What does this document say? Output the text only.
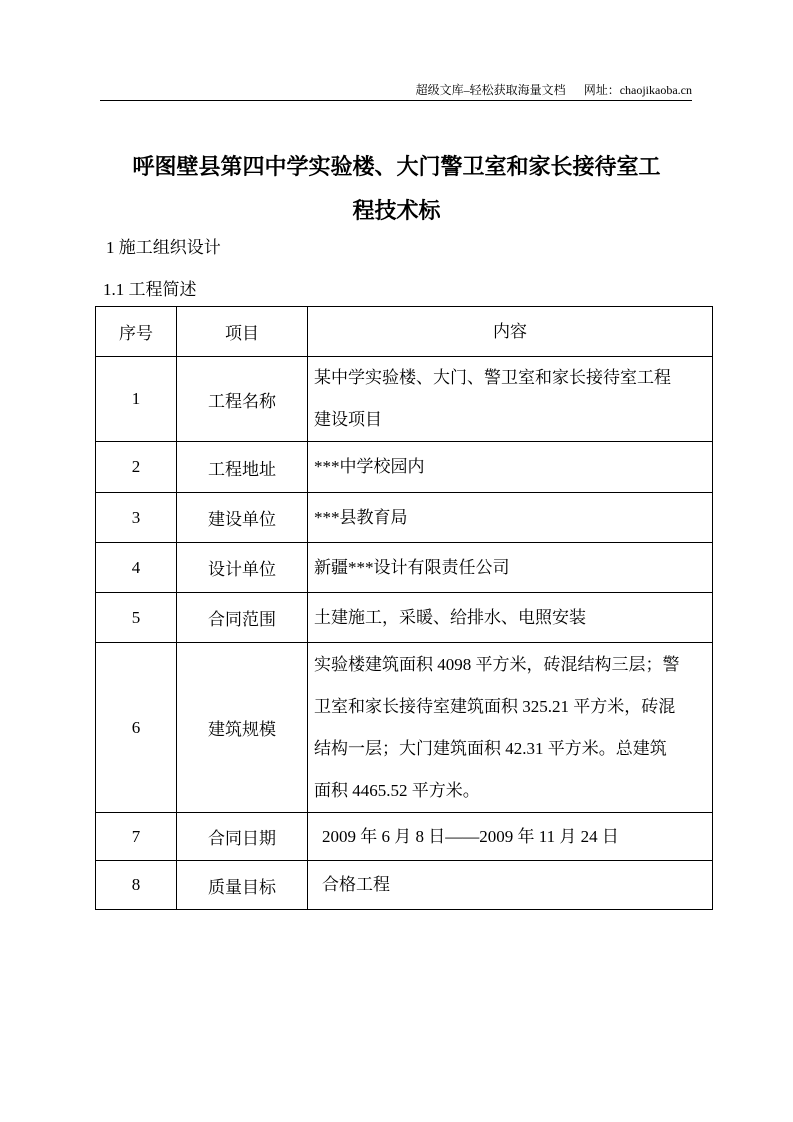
超级文库–轻松获取海量文档 网址：chaojikaoba.cn
呼图壁县第四中学实验楼、大门警卫室和家长接待室工
程技术标
1 施工组织设计
1.1 工程简述
序号	项目	内容
1	工程名称	某中学实验楼、大门、警卫室和家长接待室工程
建设项目

2	工程地址	***中学校园内

3	建设单位	***县教育局

4	设计单位	新疆***设计有限责任公司

5	合同范围	土建施工，采暖、给排水、电照安装

6	建筑规模	实验楼建筑面积 4098 平方米，砖混结构三层；警
卫室和家长接待室建筑面积 325.21 平方米，砖混
结构一层；大门建筑面积 42.31 平方米。总建筑
面积 4465.52 平方米。

7	合同日期	2009 年 6 月 8 日——2009 年 11 月 24 日

8	质量目标	合格工程
